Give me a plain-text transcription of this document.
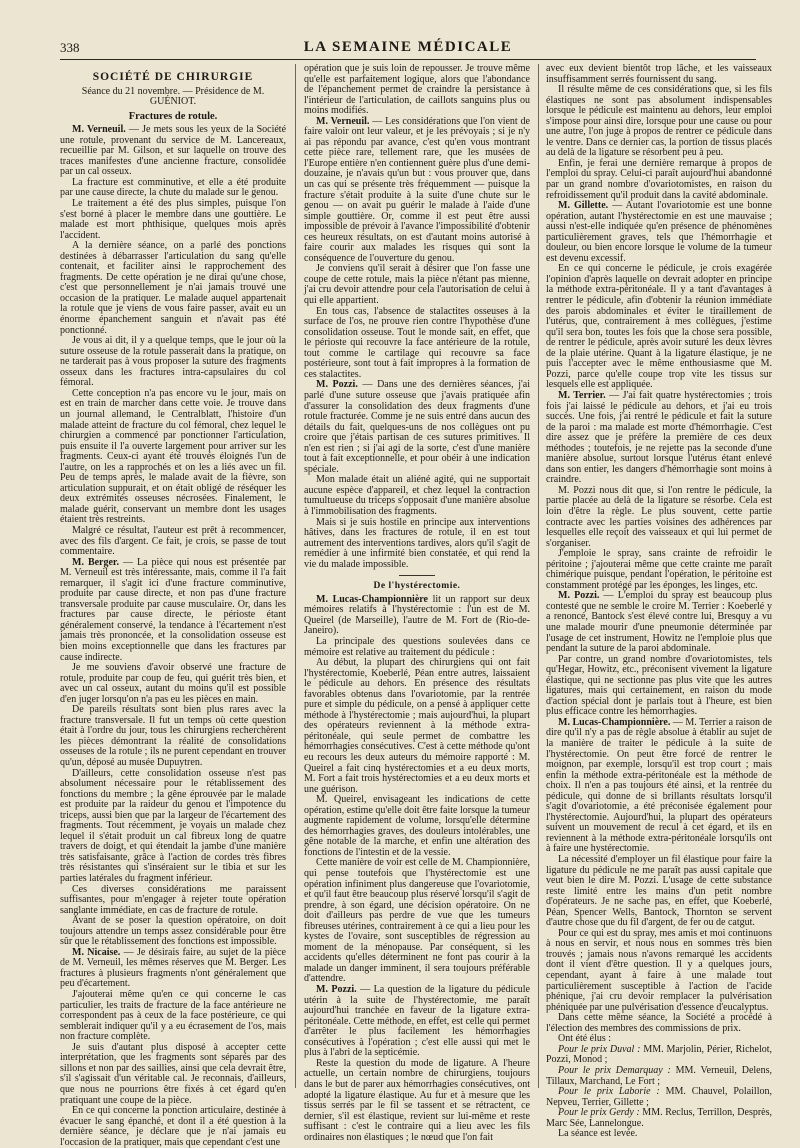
338	LA SEMAINE MÉDICALE
SOCIÉTÉ DE CHIRURGIE

Séance du 21 novembre. — Présidence de M. GUÉNIOT.

Fractures de rotule.

M. Verneuil. — Je mets sous les yeux de la Société une rotule, provenant du service de M. Lancereaux, recueillie par M. Gilson, et sur laquelle on trouve des traces manifestes d'une ancienne fracture, consolidée par un cal osseux.

La fracture est comminutive, et elle a été produite par une cause directe, la chute du malade sur le genou.

Le traitement a été des plus simples, puisque l'on s'est borné à placer le membre dans une gouttière. Le malade est mort phthisique, quelques mois après l'accident.

A la dernière séance, on a parlé des ponctions destinées à débarrasser l'articulation du sang qu'elle contenait, et faciliter ainsi le rapprochement des fragments. De cette opération je ne dirai qu'une chose, c'est que personnellement je n'ai jamais trouvé une occasion de la pratiquer. Le malade auquel appartenait la rotule que je viens de vous faire passer, avait eu un énorme épanchement sanguin et n'avait pas été ponctionné.

Je vous ai dit, il y a quelque temps, que le jour où la suture osseuse de la rotule passerait dans la pratique, on ne tarderait pas à vous proposer la suture des fragments osseux dans les fractures intra-capsulaires du col fémoral.

Cette conception n'a pas encore vu le jour, mais on est en train de marcher dans cette voie. Je trouve dans un journal allemand, le Centralblatt, l'histoire d'un malade atteint de fracture du col fémoral, chez lequel le chirurgien a commencé par ponctionner l'articulation, puis ensuite il l'a ouverte largement pour arriver sur les fragments. Ceux-ci ayant été trouvés éloignés l'un de l'autre, on les a rapprochés et on les a liés avec un fil. Peu de temps après, le malade avait de la fièvre, son articulation suppurait, et on était obligé de réséquer les deux extrémités osseuses nécrosées. Finalement, le malade guérit, conservant un membre dont les usages étaient très restreints.

Malgré ce résultat, l'auteur est prêt à recommencer, avec des fils d'argent. Ce fait, je crois, se passe de tout commentaire.

M. Berger. — La pièce qui nous est présentée par M. Verneuil est très intéressante, mais, comme il l'a fait remarquer, il s'agit ici d'une fracture comminutive, produite par cause directe, et non pas d'une fracture transversale produite par cause musculaire. Or, dans les fractures par cause directe, le périoste étant généralement conservé, la tendance à l'écartement n'est jamais très prononcée, et la consolidation osseuse est bien moins exceptionnelle que dans les fractures par cause indirecte.

Je me souviens d'avoir observé une fracture de rotule, produite par coup de feu, qui guérit très bien, et avec un cal osseux, autant du moins qu'il est possible d'en juger lorsqu'on n'a pas eu les pièces en main.

De pareils résultats sont bien plus rares avec la fracture transversale. Il fut un temps où cette question était à l'ordre du jour, tous les chirurgiens recherchèrent les pièces démontrant la réalité de consolidations osseuses de la rotule ; ils ne purent cependant en trouver qu'un, déposé au musée Dupuytren.

D'ailleurs, cette consolidation osseuse n'est pas absolument nécessaire pour le rétablissement des fonctions du membre ; la gêne éprouvée par le malade est produite par la raideur du genou et l'impotence du triceps, aussi bien que par la largeur de l'écartement des fragments. Tout récemment, je voyais un malade chez lequel il s'était produit un cal fibreux long de quatre travers de doigt, et qui étendait la jambe d'une manière très satisfaisante, grâce à l'action de cordes très fibres très résistantes qui s'inséraient sur le tibia et sur les parties latérales du fragment inférieur.

Ces diverses considérations me paraissent suffisantes, pour m'engager à rejeter toute opération sanglante immédiate, en cas de fracture de rotule.

Avant de se poser la question opératoire, on doit toujours attendre un temps assez considérable pour être sûr que le rétablissement des fonctions est impossible.

M. Nicaise. — Je désirais faire, au sujet de la pièce de M. Verneuil, les mêmes réserves que M. Berger. Les fractures à plusieurs fragments n'ont généralement que peu d'écartement.

J'ajouterai même qu'en ce qui concerne le cas particulier, les traits de fracture de la face antérieure ne correspondent pas à ceux de la face postérieure, ce qui semblerait indiquer qu'il y a eu écrasement de l'os, mais non fracture complète.

Je suis d'autant plus disposé à accepter cette interprétation, que les fragments sont séparés par des sillons et non par des saillies, ainsi que cela devrait être, s'il s'agissait d'un véritable cal. Je reconnais, d'ailleurs, que nous ne pourrions être fixés à cet égard qu'en pratiquant une coupe de la pièce.

En ce qui concerne la ponction articulaire, destinée à évacuer le sang épanché, et dont il a été question à la dernière séance, je déclare que je n'ai jamais eu l'occasion de la pratiquer, mais que cependant c'est une

opération que je suis loin de repousser. Je trouve même qu'elle est parfaitement logique, alors que l'abondance de l'épanchement permet de craindre la persistance à l'intérieur de l'articulation, de caillots sanguins plus ou moins modifiés.

M. Verneuil. — Les considérations que l'on vient de faire valoir ont leur valeur, et je les prévoyais ; si je n'y ai pas répondu par avance, c'est qu'en vous montrant cette pièce rare, tellement rare, que les musées de l'Europe entière n'en contiennent guère plus d'une demi-douzaine, je n'avais qu'un but : vous prouver que, dans un cas qui se présente très fréquemment — puisque la fracture s'était produite à la suite d'une chute sur le genou — on avait pu guérir le malade à l'aide d'une simple gouttière. Or, comme il est peut être aussi impossible de prévoir à l'avance l'impossibilité d'obtenir ces heureux résultats, on est d'autant moins autorisé à faire courir aux malades les risques qui sont la conséquence de l'ouverture du genou.

Je conviens qu'il serait à désirer que l'on fasse une coupe de cette rotule, mais la pièce n'étant pas mienne, j'ai cru devoir attendre pour cela l'autorisation de celui à qui elle appartient.

En tous cas, l'absence de stalactites osseuses à la surface de l'os, ne prouve rien contre l'hypothèse d'une consolidation osseuse. Tout le monde sait, en effet, que le périoste qui recouvre la face antérieure de la rotule, tout comme le cartilage qui recouvre sa face postérieure, sont tout à fait impropres à la formation de ces stalactites.

M. Pozzi. — Dans une des dernières séances, j'ai parlé d'une suture osseuse que j'avais pratiquée afin d'assurer la consolidation des deux fragments d'une rotule fracturée. Comme je ne suis entré dans aucun des détails du fait, quelques-uns de nos collègues ont pu croire que j'étais partisan de ces sutures primitives. Il n'en est rien ; si j'ai agi de la sorte, c'est d'une manière tout à fait exceptionnelle, et pour obéir à une indication spéciale.

Mon malade était un aliéné agité, qui ne supportait aucune espèce d'appareil, et chez lequel la contraction tumultueuse du triceps s'opposait d'une manière absolue à l'immobilisation des fragments.

Mais si je suis hostile en principe aux interventions hâtives, dans les fractures de rotule, il en est tout autrement des interventions tardives, alors qu'il s'agit de remédier à une infirmité bien constatée, et qui rend la vie du malade impossible.

De l'hystérectomie.

M. Lucas-Championnière lit un rapport sur deux mémoires relatifs à l'hystérectomie : l'un est de M. Queirel (de Marseille), l'autre de M. Fort de (Rio-de-Janeiro).

La principale des questions soulevées dans ce mémoire est relative au traitement du pédicule :

Au début, la plupart des chirurgiens qui ont fait l'hystérectomie, Koeberlé, Péan entre autres, laissaient le pédicule au dehors. En présence des résultats favorables obtenus dans l'ovariotomie, par la rentrée pure et simple du pédicule, on a pensé à appliquer cette méthode à l'hystérectomie ; mais aujourd'hui, la plupart des opérateurs reviennent à la méthode extra-péritonéale, qui seule permet de combattre les hémorrhagies consécutives. C'est à cette méthode qu'ont eu recours les deux auteurs du mémoire rapporté : M. Queirel a fait cinq hystérectomies et a eu deux morts, M. Fort a fait trois hystérectomies et a eu deux morts et une guérison.

M. Queirel, envisageant les indications de cette opération, estime qu'elle doit être faite lorsque la tumeur augmente rapidement de volume, lorsqu'elle détermine des hémorrhagies graves, des douleurs intolérables, une gêne notable de la marche, et enfin une altération des fonctions de l'intestin et de la vessie.

Cette manière de voir est celle de M. Championnière, qui pense toutefois que l'hystérectomie est une opération infiniment plus dangereuse que l'ovariotomie, et qu'il faut être beaucoup plus réservé lorsqu'il s'agit de prendre, à son égard, une décision opératoire. On ne doit d'ailleurs pas perdre de vue que les tumeurs fibreuses utérines, contrairement à ce qui a lieu pour les kystes de l'ovaire, sont susceptibles de régression au moment de la ménopause. Par conséquent, si les accidents qu'elles déterminent ne font pas courir à la malade un danger imminent, il sera toujours préférable d'attendre.

M. Pozzi. — La question de la ligature du pédicule utérin à la suite de l'hystérectomie, me paraît aujourd'hui tranchée en faveur de la ligature extra-péritonéale. Cette méthode, en effet, est celle qui permet d'arrêter le plus facilement les hémorrhagies consécutives à l'opération ; c'est elle aussi qui met le plus à l'abri de la septicémie.

Reste la question du mode de ligature. A l'heure actuelle, un certain nombre de chirurgiens, toujours dans le but de parer aux hémorrhagies consécutives, ont adopté la ligature élastique. Au fur et à mesure que les tissus serrés par le fil se tassent et se rétractent, ce dernier, s'il est élastique, revient sur lui-même et reste suffisant : c'est le contraire qui a lieu avec les fils ordinaires non élastiques ; le nœud que l'on fait

avec eux devient bientôt trop lâche, et les vaisseaux insuffisamment serrés fournissent du sang.

Il résulte même de ces considérations que, si les fils élastiques ne sont pas absolument indispensables lorsque le pédicule est maintenu au dehors, leur emploi s'impose pour ainsi dire, lorsque pour une cause ou pour une autre, l'on juge à propos de rentrer ce pédicule dans le ventre. Dans ce dernier cas, la portion de tissus placés au delà de la ligature se résorbent peu à peu.

Enfin, je ferai une dernière remarque à propos de l'emploi du spray. Celui-ci paraît aujourd'hui abandonné par un grand nombre d'ovariotomistes, en raison du refroidissement qu'il produit dans la cavité abdominale.

M. Gillette. — Autant l'ovariotomie est une bonne opération, autant l'hystérectomie en est une mauvaise ; aussi n'est-elle indiquée qu'en présence de phénomènes particulièrement graves, tels que l'hémorrhagie et douleur, ou bien encore lorsque le volume de la tumeur est devenu excessif.

En ce qui concerne le pédicule, je crois exagérée l'opinion d'après laquelle on devrait adopter en principe la méthode extra-péritonéale. Il y a tant d'avantages à rentrer le pédicule, afin d'obtenir la réunion immédiate des parois abdominales et éviter le tiraillement de l'utérus, que, contrairement à mes collègues, j'estime qu'il sera bon, toutes les fois que la chose sera possible, de rentrer le pédicule, après avoir suturé les deux lèvres de la plaie utérine. Quant à la ligature élastique, je ne puis l'accepter avec le même enthousiasme que M. Pozzi, parce qu'elle coupe trop vite les tissus sur lesquels elle est appliquée.

M. Terrier. — J'ai fait quatre hystérectomies ; trois fois j'ai laissé le pédicule au dehors, et j'ai eu trois succès. Une fois, j'ai rentré le pédicule et fait la suture de la paroi : ma malade est morte d'hémorrhagie. C'est dire assez que je préfère la première de ces deux méthodes ; toutefois, je ne rejette pas la seconde d'une manière absolue, surtout lorsque l'utérus étant enlevé dans son entier, les dangers d'hémorrhagie sont moins à craindre.

M. Pozzi nous dit que, si l'on rentre le pédicule, la partie placée au delà de la ligature se résorbe. Cela est loin d'être la règle. Le plus souvent, cette partie contracte avec les parties voisines des adhérences par lesquelles elle reçoit des vaisseaux et qui lui permet de s'organiser.

J'emploie le spray, sans crainte de refroidir le péritoine ; j'ajouterai même que cette crainte me paraît chimérique puisque, pendant l'opération, le péritoine est constamment protégé par les éponges, les linges, etc.

M. Pozzi. — L'emploi du spray est beaucoup plus contesté que ne semble le croire M. Terrier : Koeberlé y a renoncé, Bantock s'est élevé contre lui, Bresquy a vu une malade mourir d'une pneumonie déterminée par l'usage de cet instrument, Howitz ne l'emploie plus que pendant la suture de la paroi abdominale.

Par contre, un grand nombre d'ovariotomistes, tels qu'Hegar, Howitz, etc., préconisent vivement la ligature élastique, qui ne sectionne pas plus vite que les autres ligatures, mais qui certainement, en raison du mode d'action spécial dont je parlais tout à l'heure, est bien plus efficace contre les hémorrhagies.

M. Lucas-Championnière. — M. Terrier a raison de dire qu'il n'y a pas de règle absolue à établir au sujet de la manière de traiter le pédicule à la suite de l'hystérectomie. On peut être forcé de rentrer le moignon, par exemple, lorsqu'il est trop court ; mais enfin la méthode extra-péritonéale est la méthode de choix. Il n'en a pas toujours été ainsi, et la rentrée du pédicule, qui donne de si brillants résultats lorsqu'il s'agit d'ovariotomie, a été préconisée également pour l'hystérectomie. Aujourd'hui, la plupart des opérateurs suivent un mouvement de recul à cet égard, et ils en reviennent à la méthode extra-péritonéale lorsqu'ils ont à faire une hystérectomie.

La nécessité d'employer un fil élastique pour faire la ligature du pédicule ne me paraît pas aussi capitale que veut bien le dire M. Pozzi. L'usage de cette substance reste limité entre les mains d'un petit nombre d'opérateurs. Je ne sache pas, en effet, que Koeberlé, Péan, Spencer Wells, Bantock, Thornton se servent d'autre chose que du fil d'argent, de fer ou de catgut.

Pour ce qui est du spray, mes amis et moi continuons à nous en servir, et nous nous en sommes très bien trouvés ; jamais nous n'avons remarqué les accidents dont il vient d'être question. Il y a quelques jours, cependant, ayant à faire à une malade tout particulièrement susceptible à l'action de l'acide phénique, j'ai cru devoir remplacer la pulvérisation phéniquée par une pulvérisation d'essence d'eucalyptus.

Dans cette même séance, la Société a procédé à l'élection des membres des commissions de prix.

Ont été élus :

Pour le prix Duval : MM. Marjolin, Périer, Richelot, Pozzi, Monod ;

Pour le prix Demarquay : MM. Verneuil, Delens, Tillaux, Marchand, Le Fort ;

Pour le prix Laborie : MM. Chauvel, Polaillon, Nepveu, Terrier, Gillette ;

Pour le prix Gerdy : MM. Reclus, Terrillon, Desprès, Marc Sée, Lannelongue.

La séance est levée.
